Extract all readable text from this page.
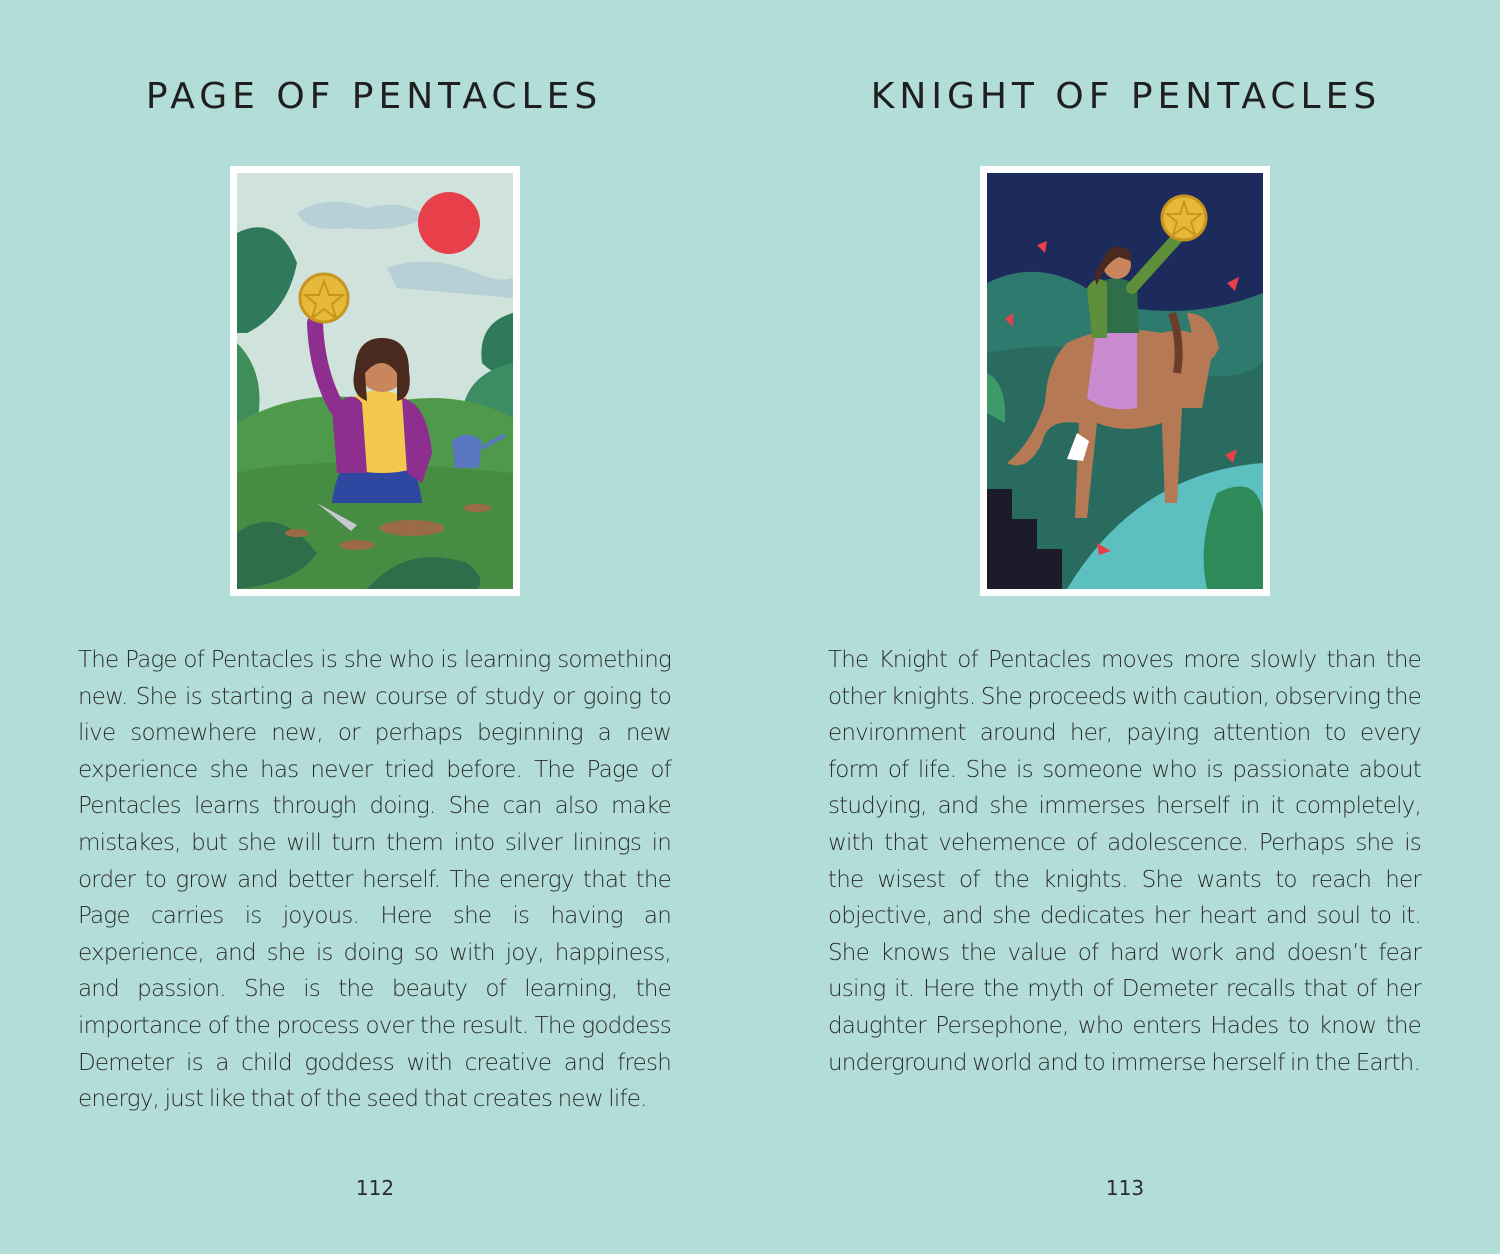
PAGE OF PENTACLES

The Page of Pentacles is she who is learning something new. She is starting a new course of study or going to live somewhere new, or perhaps beginning a new experience she has never tried before. The Page of Pentacles learns through doing. She can also make mistakes, but she will turn them into silver linings in order to grow and better herself. The energy that the Page carries is joyous. Here she is having an experience, and she is doing so with joy, happiness, and passion. She is the beauty of learning, the importance of the process over the result. The goddess Demeter is a child goddess with creative and fresh energy, just like that of the seed that creates new life.

112
KNIGHT OF PENTACLES

The Knight of Pentacles moves more slowly than the other knights. She proceeds with caution, observing the environment around her, paying attention to every form of life. She is someone who is passionate about studying, and she immerses herself in it completely, with that vehemence of adolescence. Perhaps she is the wisest of the knights. She wants to reach her objective, and she dedicates her heart and soul to it. She knows the value of hard work and doesn’t fear using it. Here the myth of Demeter recalls that of her daughter Persephone, who enters Hades to know the underground world and to immerse herself in the Earth.

113
